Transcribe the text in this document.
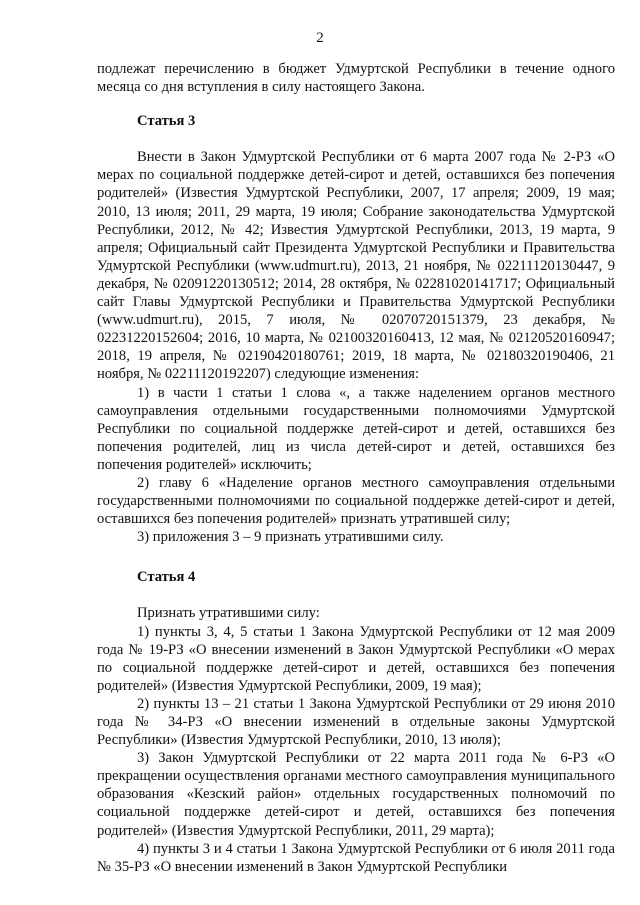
2

подлежат перечислению в бюджет Удмуртской Республики в течение одного месяца со дня вступления в силу настоящего Закона.

Статья 3

Внести в Закон Удмуртской Республики от 6 марта 2007 года № 2-РЗ «О мерах по социальной поддержке детей-сирот и детей, оставшихся без попечения родителей» (Известия Удмуртской Республики, 2007, 17 апреля; 2009, 19 мая; 2010, 13 июля; 2011, 29 марта, 19 июля; Собрание законодательства Удмуртской Республики, 2012, № 42; Известия Удмуртской Республики, 2013, 19 марта, 9 апреля; Официальный сайт Президента Удмуртской Республики и Правительства Удмуртской Республики (www.udmurt.ru), 2013, 21 ноября, № 02211120130447, 9 декабря, № 02091220130512; 2014, 28 октября, № 02281020141717; Официальный сайт Главы Удмуртской Республики и Правительства Удмуртской Республики (www.udmurt.ru), 2015, 7 июля, № 02070720151379, 23 декабря, № 02231220152604; 2016, 10 марта, № 02100320160413, 12 мая, № 02120520160947; 2018, 19 апреля, № 02190420180761; 2019, 18 марта, № 02180320190406, 21 ноября, № 02211120192207) следующие изменения:

1) в части 1 статьи 1 слова «, а также наделением органов местного самоуправления отдельными государственными полномочиями Удмуртской Республики по социальной поддержке детей-сирот и детей, оставшихся без попечения родителей, лиц из числа детей-сирот и детей, оставшихся без попечения родителей» исключить;

2) главу 6 «Наделение органов местного самоуправления отдельными государственными полномочиями по социальной поддержке детей-сирот и детей, оставшихся без попечения родителей» признать утратившей силу;

3) приложения 3 – 9 признать утратившими силу.

Статья 4

Признать утратившими силу:

1) пункты 3, 4, 5 статьи 1 Закона Удмуртской Республики от 12 мая 2009 года № 19-РЗ «О внесении изменений в Закон Удмуртской Республики «О мерах по социальной поддержке детей-сирот и детей, оставшихся без попечения родителей» (Известия Удмуртской Республики, 2009, 19 мая);

2) пункты 13 – 21 статьи 1 Закона Удмуртской Республики от 29 июня 2010 года № 34-РЗ «О внесении изменений в отдельные законы Удмуртской Республики» (Известия Удмуртской Республики, 2010, 13 июля);

3) Закон Удмуртской Республики от 22 марта 2011 года № 6-РЗ «О прекращении осуществления органами местного самоуправления муниципального образования «Кезский район» отдельных государственных полномочий по социальной поддержке детей-сирот и детей, оставшихся без попечения родителей» (Известия Удмуртской Республики, 2011, 29 марта);

4) пункты 3 и 4 статьи 1 Закона Удмуртской Республики от 6 июля 2011 года № 35-РЗ «О внесении изменений в Закон Удмуртской Республики
